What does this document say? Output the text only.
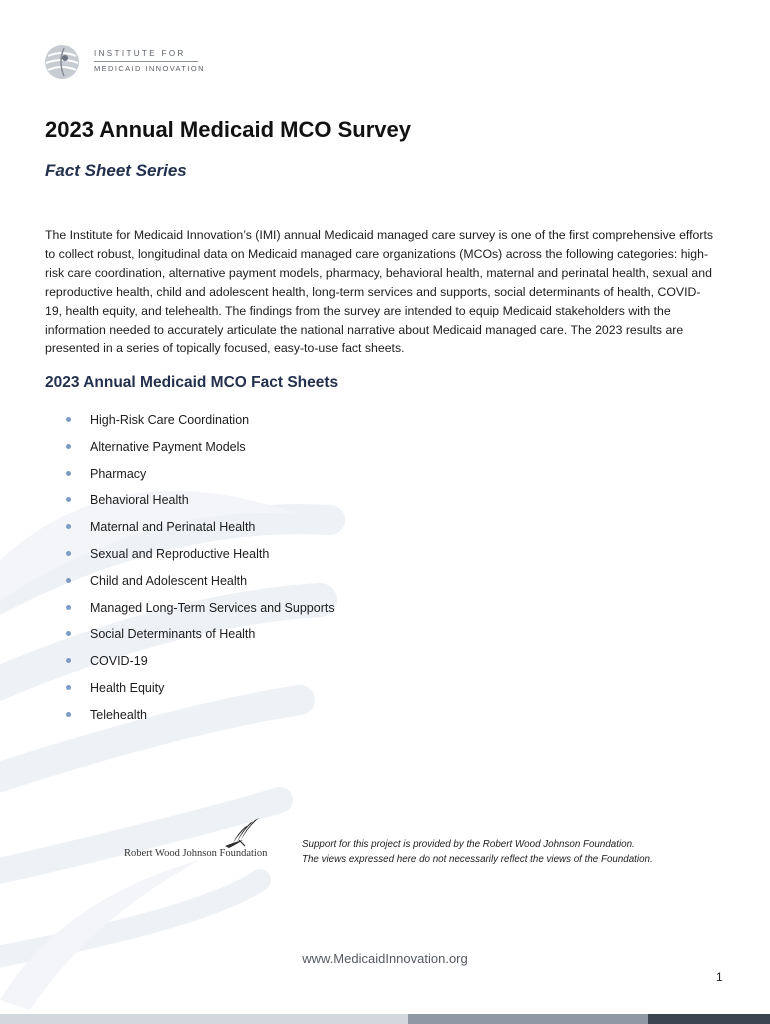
INSTITUTE FOR
MEDICAID INNOVATION
2023 Annual Medicaid MCO Survey
Fact Sheet Series

The Institute for Medicaid Innovation’s (IMI) annual Medicaid managed care survey is one of the first comprehensive efforts to collect robust, longitudinal data on Medicaid managed care organizations (MCOs) across the following categories: high-risk care coordination, alternative payment models, pharmacy, behavioral health, maternal and perinatal health, sexual and reproductive health, child and adolescent health, long-term services and supports, social determinants of health, COVID-19, health equity, and telehealth. The findings from the survey are intended to equip Medicaid stakeholders with the information needed to accurately articulate the national narrative about Medicaid managed care. The 2023 results are presented in a series of topically focused, easy-to-use fact sheets.

2023 Annual Medicaid MCO Fact Sheets
High-Risk Care Coordination
Alternative Payment Models
Pharmacy
Behavioral Health
Maternal and Perinatal Health
Sexual and Reproductive Health
Child and Adolescent Health
Managed Long-Term Services and Supports
Social Determinants of Health
COVID-19
Health Equity
Telehealth
Robert Wood Johnson Foundation

Support for this project is provided by the Robert Wood Johnson Foundation.
The views expressed here do not necessarily reflect the views of the Foundation.

www.MedicaidInnovation.org
1
